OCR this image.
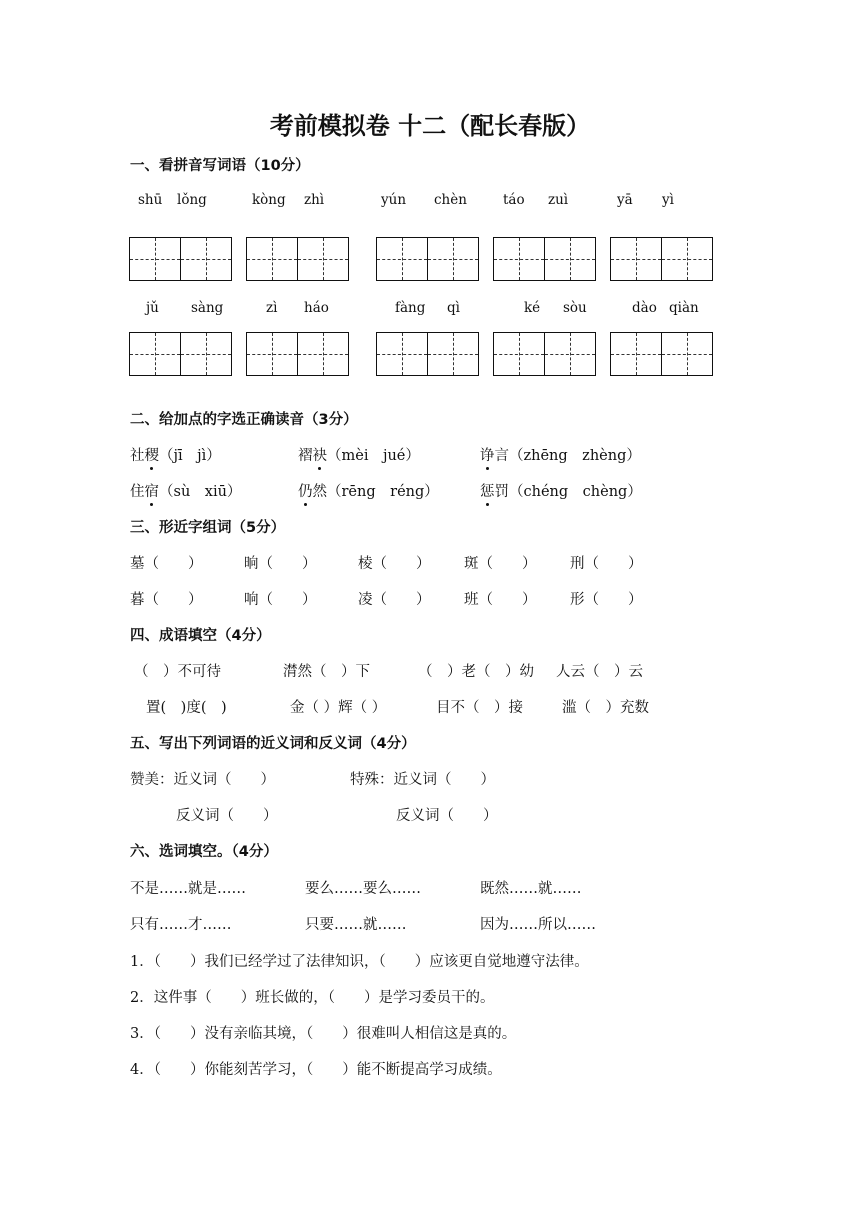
考前模拟卷 十二（配长春版）
一、看拼音写词语（10分）
shū lǒng	kòng zhì	yún chèn	táo zuì	yā yì
jǔ sàng	zì háo	fàng qì	ké sòu	dào qiàn
二、给加点的字选正确读音（3分）
社稷（jī　jì）	褶袂（mèi　jué）	诤言（zhēng　zhèng）
住宿（sù　xiū）	仍然（rēng　réng）	惩罚（chéng　chèng）
三、形近字组词（5分）
墓（　　）	晌（　　）	棱（　　） 斑（　　） 刑（　　）
暮（　　）	响（　　）	凌（　　） 班（　　） 形（　　）
四、成语填空（4分）
（　）不可待	潸然（　）下	（　）老（　）幼 人云（　）云
置(　)度(　)	金（ ）辉（ ）	目不（　）接	滥（　）充数
五、写出下列词语的近义词和反义词（4分）
赞美：近义词（　　）	特殊：近义词（　　）
反义词（　　）	反义词（　　）
六、选词填空。（4分）
不是……就是……	要么……要么……	既然……就……
只有……才……	只要……就……	因为……所以……
1．（　　）我们已经学过了法律知识，（　　）应该更自觉地遵守法律。
2．这件事（　　）班长做的，（　　）是学习委员干的。
3．（　　）没有亲临其境，（　　）很难叫人相信这是真的。
4．（　　）你能刻苦学习，（　　）能不断提高学习成绩。
